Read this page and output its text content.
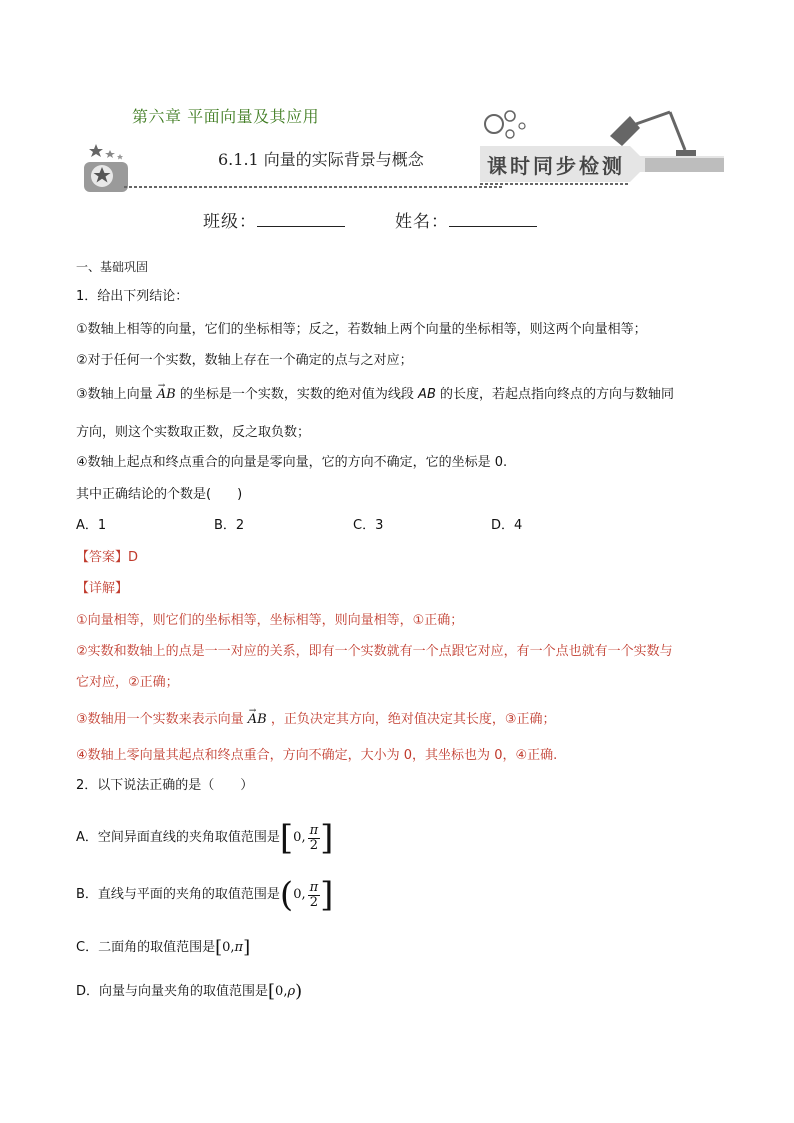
第六章 平面向量及其应用
6.1.1 向量的实际背景与概念	课时同步检测
班级：	姓名：
一、基础巩固
1．给出下列结论：
①数轴上相等的向量，它们的坐标相等；反之，若数轴上两个向量的坐标相等，则这两个向量相等；
②对于任何一个实数，数轴上存在一个确定的点与之对应；
③数轴上向量 → AB 的坐标是一个实数，实数的绝对值为线段 AB 的长度，若起点指向终点的方向与数轴同
方向，则这个实数取正数，反之取负数；
④数轴上起点和终点重合的向量是零向量，它的方向不确定，它的坐标是 0.
其中正确结论的个数是(　　)
A．1	B．2	C．3	D．4
【答案】D
【详解】
①向量相等，则它们的坐标相等，坐标相等，则向量相等，①正确；
②实数和数轴上的点是一一对应的关系，即有一个实数就有一个点跟它对应，有一个点也就有一个实数与
它对应，②正确；
③数轴用一个实数来表示向量 → AB ，正负决定其方向，绝对值决定其长度，③正确；
④数轴上零向量其起点和终点重合，方向不确定，大小为 0，其坐标也为 0，④正确.
2．以下说法正确的是（　　）
A．空间异面直线的夹角取值范围是 [ 0 , $\frac{\pi}{2}$ ]
B．直线与平面的夹角的取值范围是 ( 0 , $\frac{\pi}{2}$ ]
C．二面角的取值范围是 [ 0 , π ]
D．向量与向量夹角的取值范围是 [ 0 , ρ )
